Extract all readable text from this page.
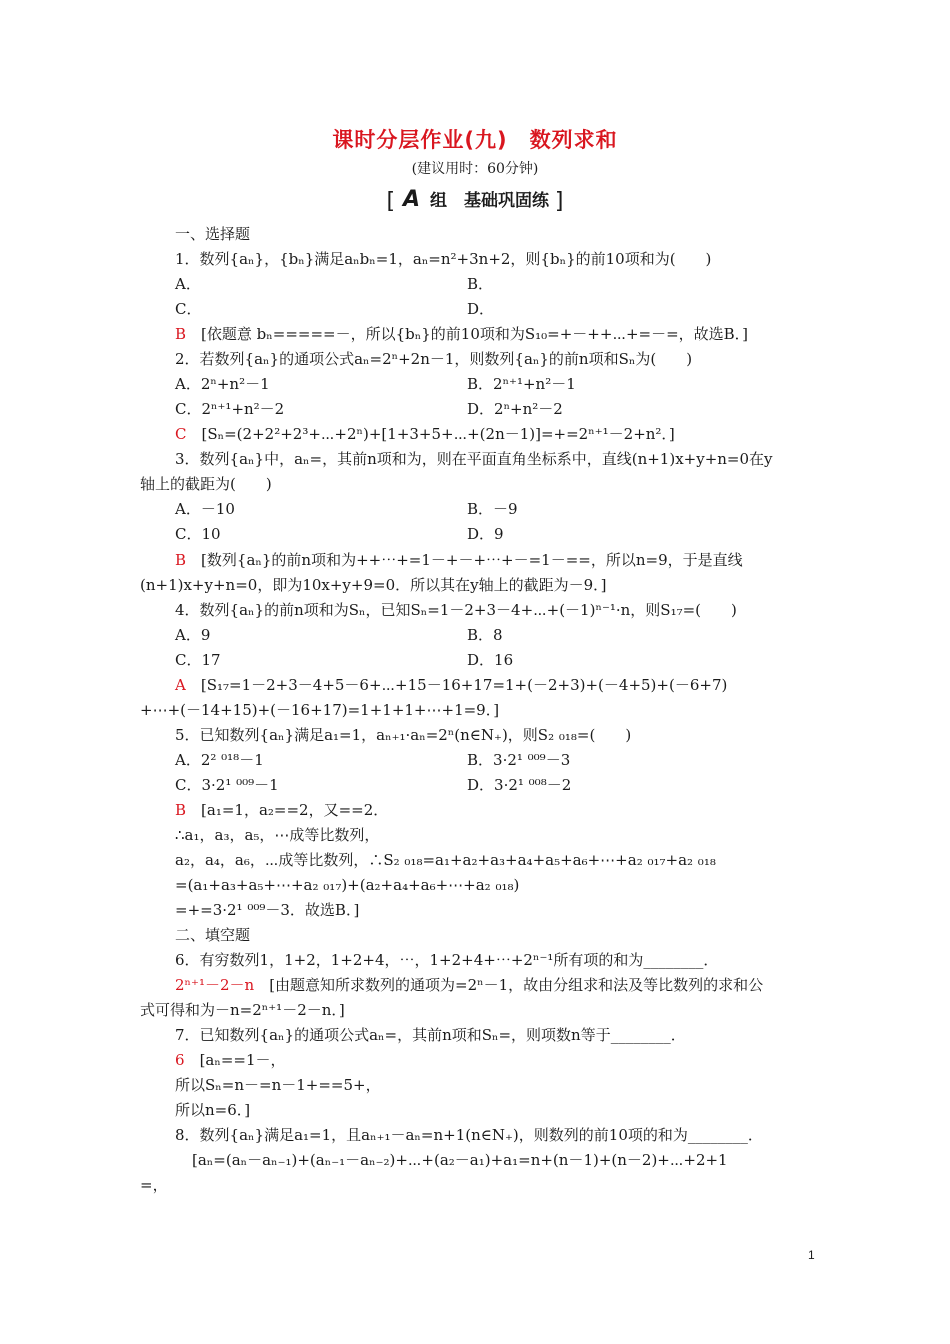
课时分层作业(九)　数列求和
(建议用时：60分钟)
[ A 组　基础巩固练 ]
一、选择题
1．数列{aₙ}，{bₙ}满足aₙbₙ=1，aₙ=n²+3n+2，则{bₙ}的前10项和为(　　)
A．	B．
C．	D．
B　 [依题意 bₙ=====－，所以{bₙ}的前10项和为S₁₀=+－++⋯+=－=，故选B．]
2．若数列{aₙ}的通项公式aₙ=2ⁿ+2n－1，则数列{aₙ}的前n项和Sₙ为(　　)
A．2ⁿ+n²－1	B．2ⁿ⁺¹+n²－1
C．2ⁿ⁺¹+n²－2	D．2ⁿ+n²－2
C　 [Sₙ=(2+2²+2³+⋯+2ⁿ)+[1+3+5+⋯+(2n－1)]=+=2ⁿ⁺¹－2+n²．]
3．数列{aₙ}中，aₙ=，其前n项和为，则在平面直角坐标系中，直线(n+1)x+y+n=0在y
轴上的截距为(　　)
A．－10	B．－9
C．10	D．9
B　 [数列{aₙ}的前n项和为++⋯+=1－+－+⋯+－=1－==，所以n=9，于是直线
(n+1)x+y+n=0，即为10x+y+9=0．所以其在y轴上的截距为－9．]
4．数列{aₙ}的前n项和为Sₙ，已知Sₙ=1－2+3－4+⋯+(－1)ⁿ⁻¹·n，则S₁₇=(　　)
A．9	B．8
C．17	D．16
A　 [S₁₇=1－2+3－4+5－6+⋯+15－16+17=1+(－2+3)+(－4+5)+(－6+7)
+⋯+(－14+15)+(－16+17)=1+1+1+⋯+1=9．]
5．已知数列{aₙ}满足a₁=1，aₙ₊₁·aₙ=2ⁿ(n∈N₊)，则S₂ ₀₁₈=(　　)
A．2² ⁰¹⁸－1	B．3·2¹ ⁰⁰⁹－3
C．3·2¹ ⁰⁰⁹－1	D．3·2¹ ⁰⁰⁸－2
B　 [a₁=1，a₂==2，又==2．
∴a₁，a₃，a₅，⋯成等比数列，
a₂，a₄，a₆，⋯成等比数列，∴S₂ ₀₁₈=a₁+a₂+a₃+a₄+a₅+a₆+⋯+a₂ ₀₁₇+a₂ ₀₁₈
=(a₁+a₃+a₅+⋯+a₂ ₀₁₇)+(a₂+a₄+a₆+⋯+a₂ ₀₁₈)
=+=3·2¹ ⁰⁰⁹－3．故选B．]
二、填空题
6．有穷数列1，1+2，1+2+4，⋯，1+2+4+⋯+2ⁿ⁻¹所有项的和为________．
2ⁿ⁺¹－2－n　 [由题意知所求数列的通项为=2ⁿ－1，故由分组求和法及等比数列的求和公
式可得和为－n=2ⁿ⁺¹－2－n．]
7．已知数列{aₙ}的通项公式aₙ=，其前n项和Sₙ=，则项数n等于________．
6　 [aₙ==1－，
所以Sₙ=n－=n－1+==5+，
所以n=6．]
8．数列{aₙ}满足a₁=1，且aₙ₊₁－aₙ=n+1(n∈N₊)，则数列的前10项的和为________．
[aₙ=(aₙ－aₙ₋₁)+(aₙ₋₁－aₙ₋₂)+⋯+(a₂－a₁)+a₁=n+(n－1)+(n－2)+⋯+2+1
=，
1
